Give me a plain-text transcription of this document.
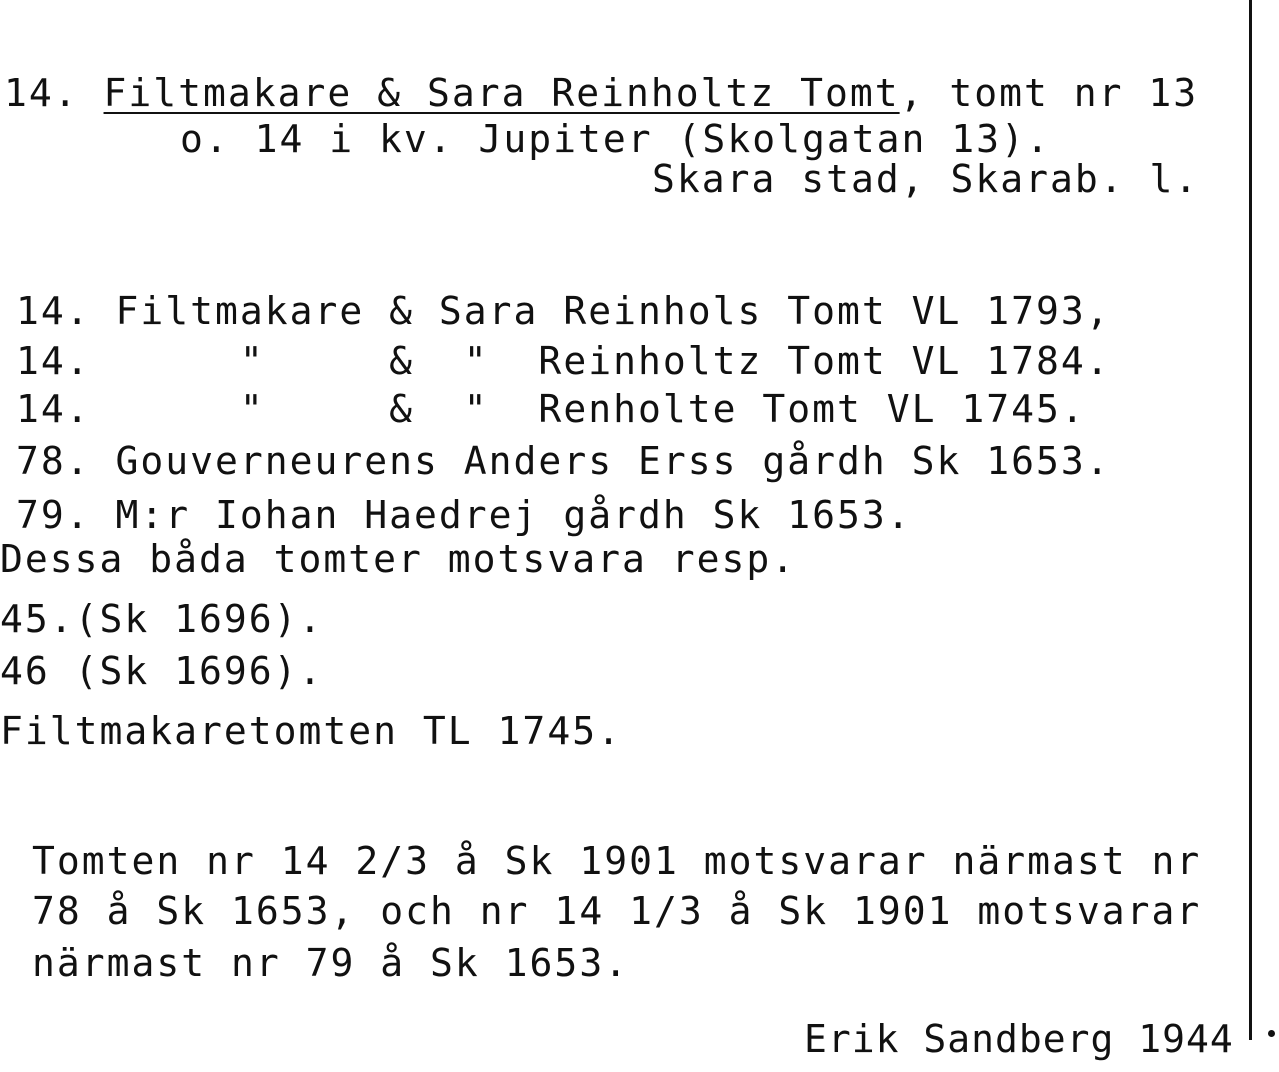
14. Filtmakare & Sara Reinholtz Tomt, tomt nr 13
o. 14 i kv. Jupiter (Skolgatan 13).
Skara stad, Skarab. l.
14. Filtmakare & Sara Reinhols Tomt VL 1793,
14.      "     &  "  Reinholtz Tomt VL 1784.
14.      "     &  "  Renholte Tomt VL 1745.
78. Gouverneurens Anders Erss gårdh Sk 1653.
79. M:r Iohan Haedrej gårdh Sk 1653.
Dessa båda tomter motsvara resp.
45.(Sk 1696).
46 (Sk 1696).
Filtmakaretomten TL 1745.
Tomten nr 14 2/3 å Sk 1901 motsvarar närmast nr
78 å Sk 1653, och nr 14 1/3 å Sk 1901 motsvarar
närmast nr 79 å Sk 1653.
Erik Sandberg 1944
